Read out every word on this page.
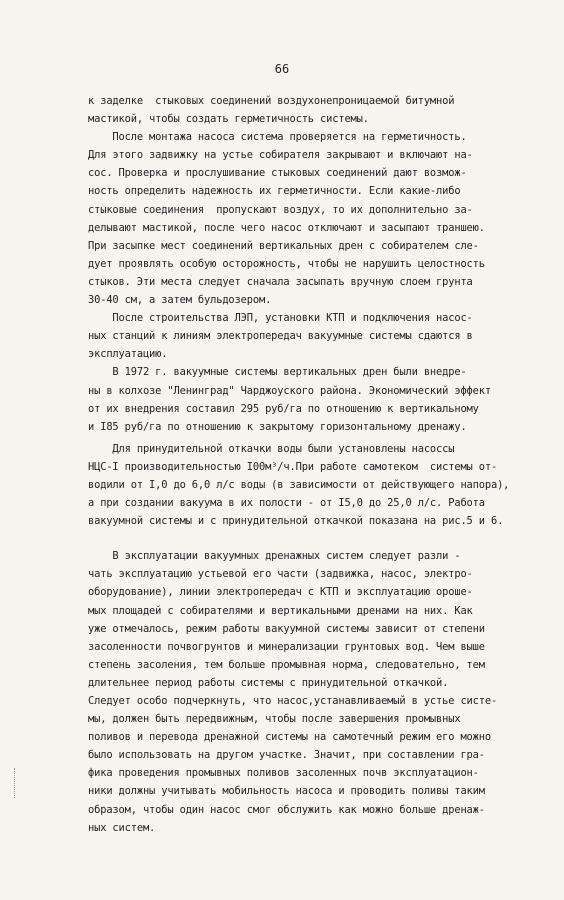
66
к заделке  стыковых соединений воздухонепроницаемой битумной
мастикой, чтобы создать герметичность системы.
После монтажа насоса система проверяется на герметичность.
Для этого задвижку на устье собирателя закрывают и включают на-
сос. Проверка и прослушивание стыковых соединений дают возмож-
ность определить надежность их герметичности. Если какие-либо
стыковые соединения  пропускают воздух, то их дополнительно за-
делывают мастикой, после чего насос отключают и засыпают траншею.
При засыпке мест соединений вертикальных дрен с собирателем сле-
дует проявлять особую осторожность, чтобы не нарушить целостность
стыков. Эти места следует сначала засыпать вручную слоем грунта
30-40 см, а затем бульдозером.
После строительства ЛЭП, установки КТП и подключения насос-
ных станций к линиям электропередач вакуумные системы сдаются в
эксплуатацию.
В 1972 г. вакуумные системы вертикальных дрен были внедре-
ны в колхозе "Ленинград" Чарджоуского района. Экономический эффект
от их внедрения составил 295 руб/га по отношению к вертикальному
и I85 руб/га по отношению к закрытому горизонтальному дренажу.
Для принудительной откачки воды были установлены насоссы
НЦС-I производительностью I00м³/ч.При работе самотеком  системы от-
водили от I,0 до 6,0 л/с воды (в зависимости от действующего напора),
а при создании вакуума в их полости - от I5,0 до 25,0 л/с. Работа
вакуумной системы и с принудительной откачкой показана на рис.5 и 6.
В эксплуатации вакуумных дренажных систем следует разли -
чать эксплуатацию устьевой его части (задвижка, насос, электро-
оборудование), линии электропередач с КТП и эксплуатацию ороше-
мых площадей с собирателями и вертикальными дренами на них. Как
уже отмечалось, режим работы вакуумной системы зависит от степени
засоленности почвогрунтов и минерализации грунтовых вод. Чем выше
степень засоления, тем больше промывная норма, следовательно, тем
длительнее период работы системы с принудительной откачкой.
Следует особо подчеркнуть, что насос,устанавливаемый в устье систе-
мы, должен быть передвижным, чтобы после завершения промывных
поливов и перевода дренажной системы на самотечный режим его можно
было использовать на другом участке. Значит, при составлении гра-
фика проведения промывных поливов засоленных почв эксплуатацион-
ники должны учитывать мобильность насоса и проводить поливы таким
образом, чтобы один насос смог обслужить как можно больше дренаж-
ных систем.
